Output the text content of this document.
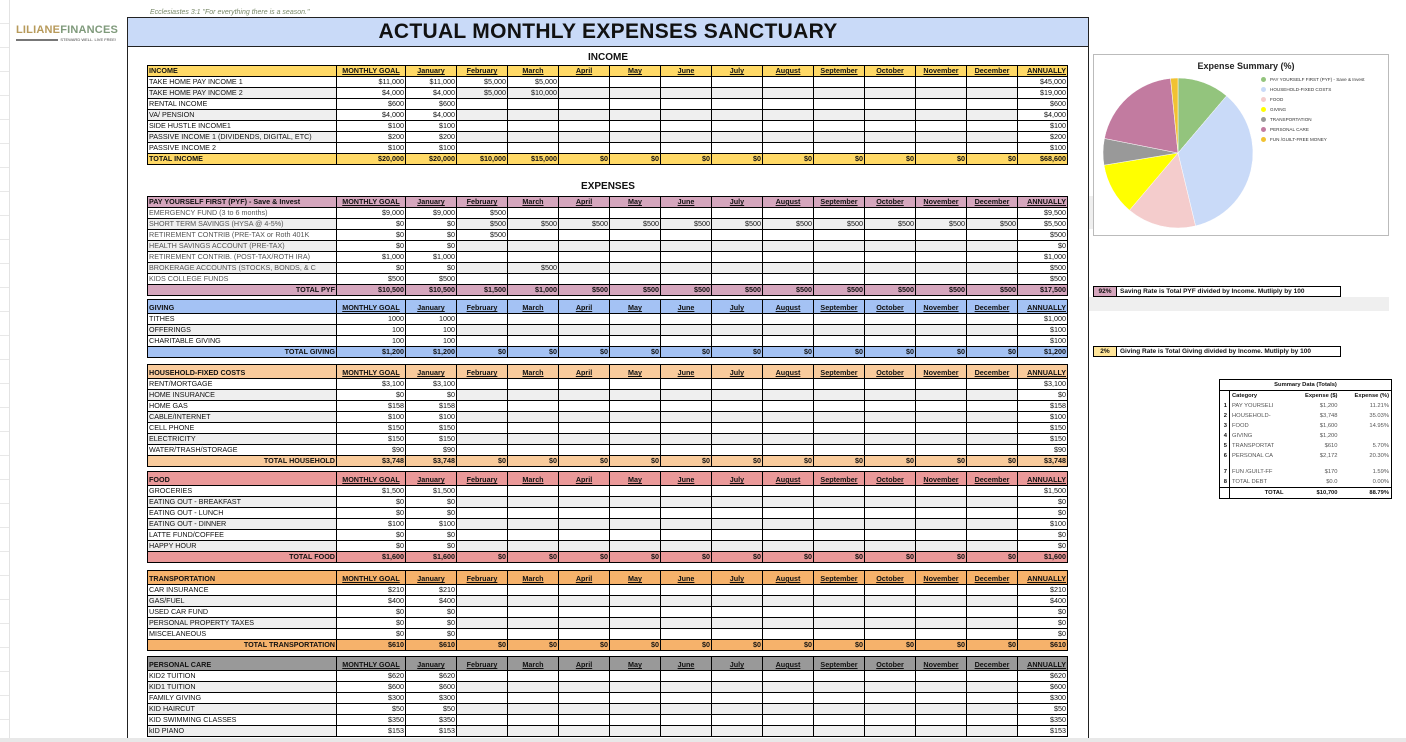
LILIANEFINANCES
STEWARD WELL. LIVE FREE!
Ecclesiastes 3:1 "For everything there is a season."
ACTUAL MONTHLY EXPENSES SANCTUARY
INCOME
EXPENSES
INCOME	MONTHLY GOAL	January	February	March	April	May	June	July	August	September	October	November	December	ANNUALLY
TAKE HOME PAY INCOME 1	$11,000	$11,000	$5,000	$5,000										$45,000
TAKE HOME PAY INCOME 2	$4,000	$4,000	$5,000	$10,000										$19,000
RENTAL INCOME	$600	$600												$600
VA/ PENSION	$4,000	$4,000												$4,000
SIDE HUSTLE INCOME1	$100	$100												$100
PASSIVE INCOME 1 (DIVIDENDS, DIGITAL, ETC)	$200	$200												$200
PASSIVE INCOME 2	$100	$100												$100
TOTAL INCOME	$20,000	$20,000	$10,000	$15,000	$0	$0	$0	$0	$0	$0	$0	$0	$0	$68,600
PAY YOURSELF FIRST (PYF) - Save & Invest	MONTHLY GOAL	January	February	March	April	May	June	July	August	September	October	November	December	ANNUALLY
EMERGENCY FUND (3 to 6 months)	$9,000	$9,000	$500											$9,500
SHORT TERM SAVINGS (HYSA @ 4-5%)	$0	$0	$500	$500	$500	$500	$500	$500	$500	$500	$500	$500	$500	$5,500
RETIREMENT CONTRIB (PRE-TAX or Roth 401K	$0	$0	$500											$500
HEALTH SAVINGS ACCOUNT (PRE-TAX)	$0	$0												$0
RETIREMENT CONTRIB. (POST-TAX/ROTH IRA)	$1,000	$1,000												$1,000
BROKERAGE ACCOUNTS (STOCKS, BONDS, & C	$0	$0		$500										$500
KIDS COLLEGE FUNDS	$500	$500												$500
TOTAL PYF	$10,500	$10,500	$1,500	$1,000	$500	$500	$500	$500	$500	$500	$500	$500	$500	$17,500
GIVING	MONTHLY GOAL	January	February	March	April	May	June	July	August	September	October	November	December	ANNUALLY
TITHES	1000	1000												$1,000
OFFERINGS	100	100												$100
CHARITABLE GIVING	100	100												$100
TOTAL GIVING	$1,200	$1,200	$0	$0	$0	$0	$0	$0	$0	$0	$0	$0	$0	$1,200
HOUSEHOLD-FIXED COSTS	MONTHLY GOAL	January	February	March	April	May	June	July	August	September	October	November	December	ANNUALLY
RENT/MORTGAGE	$3,100	$3,100												$3,100
HOME INSURANCE	$0	$0												$0
HOME GAS	$158	$158												$158
CABLE/INTERNET	$100	$100												$100
CELL PHONE	$150	$150												$150
ELECTRICITY	$150	$150												$150
WATER/TRASH/STORAGE	$90	$90												$90
TOTAL HOUSEHOLD	$3,748	$3,748	$0	$0	$0	$0	$0	$0	$0	$0	$0	$0	$0	$3,748
FOOD	MONTHLY GOAL	January	February	March	April	May	June	July	August	September	October	November	December	ANNUALLY
GROCERIES	$1,500	$1,500												$1,500
EATING OUT - BREAKFAST	$0	$0												$0
EATING OUT - LUNCH	$0	$0												$0
EATING OUT - DINNER	$100	$100												$100
LATTE FUND/COFFEE	$0	$0												$0
HAPPY HOUR	$0	$0												$0
TOTAL FOOD	$1,600	$1,600	$0	$0	$0	$0	$0	$0	$0	$0	$0	$0	$0	$1,600
TRANSPORTATION	MONTHLY GOAL	January	February	March	April	May	June	July	August	September	October	November	December	ANNUALLY
CAR INSURANCE	$210	$210												$210
GAS/FUEL	$400	$400												$400
USED CAR FUND	$0	$0												$0
PERSONAL PROPERTY TAXES	$0	$0												$0
MISCELANEOUS	$0	$0												$0
TOTAL TRANSPORTATION	$610	$610	$0	$0	$0	$0	$0	$0	$0	$0	$0	$0	$0	$610
PERSONAL CARE	MONTHLY GOAL	January	February	March	April	May	June	July	August	September	October	November	December	ANNUALLY
KID2 TUITION	$620	$620												$620
KID1 TUITION	$600	$600												$600
FAMILY GIVING	$300	$300												$300
KID HAIRCUT	$50	$50												$50
KID SWIMMING CLASSES	$350	$350												$350
kID PIANO	$153	$153												$153
Expense Summary (%)
PAY YOURSELF FIRST (PYF) - Save & Invest
HOUSEHOLD-FIXED COSTS
FOOD
GIVING
TRANSPORTATION
PERSONAL CARE
FUN /GUILT-FREE MONEY
92%	Saving Rate is Total PYF divided by Income. Mutliply by 100
2%	Giving Rate is Total Giving divided by Income. Mutliply by 100
Summary Data (Totals)			
	Category	Expense ($)	Expense (%)
1	PAY YOURSELI	$1,200	11.21%
2	HOUSEHOLD-	$3,748	35.03%
3	FOOD	$1,600	14.95%
4	GIVING	$1,200	
5	TRANSPORTAT	$610	5.70%
6	PERSONAL CA	$2,172	20.30%

7	FUN /GUILT-FF	$170	1.59%
8	TOTAL DEBT	$0.0	0.00%
	TOTAL	$10,700	88.79%
